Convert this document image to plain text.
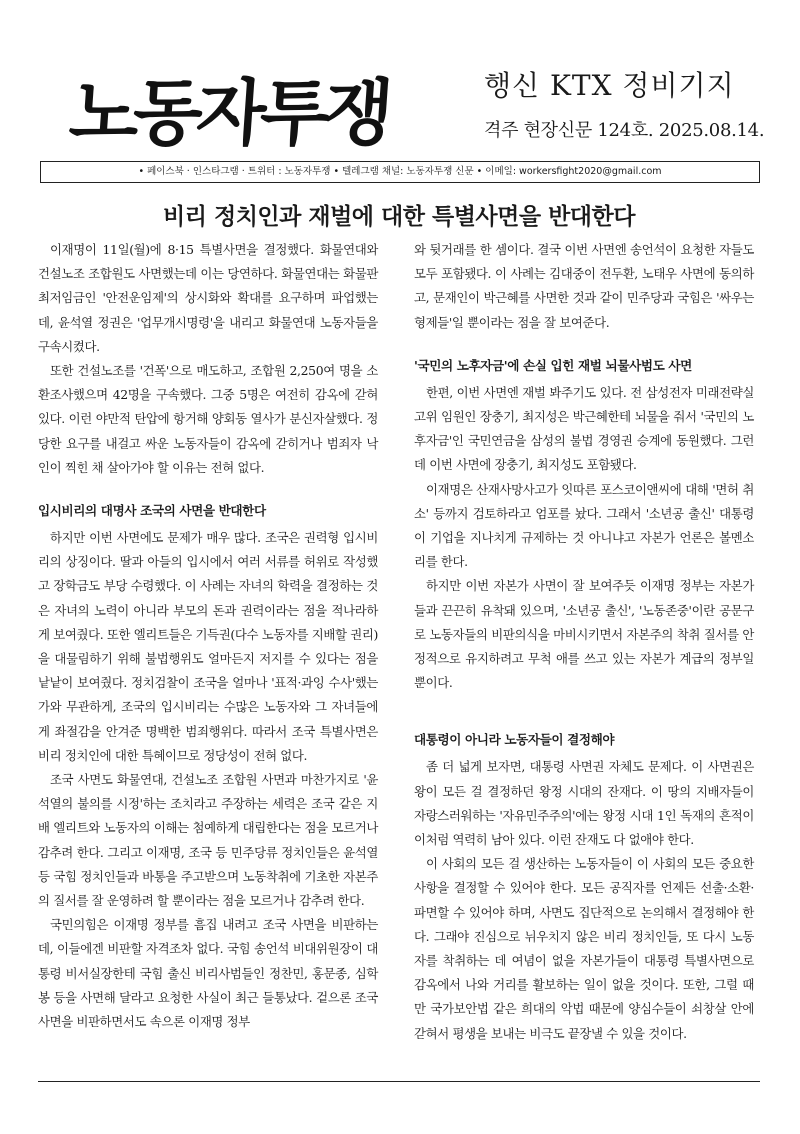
노동자투쟁	행신 KTX 정비기지
격주 현장신문 124호. 2025.08.14.
• 페이스북 · 인스타그램 · 트위터 : 노동자투쟁 • 텔레그램 채널: 노동자투쟁 신문 • 이메일: workersfight2020@gmail.com
비리 정치인과 재벌에 대한 특별사면을 반대한다

이재명이 11일(월)에 8·15 특별사면을 결정했다. 화물연대와 건설노조 조합원도 사면했는데 이는 당연하다. 화물연대는 화물판 최저임금인 '안전운임제'의 상시화와 확대를 요구하며 파업했는데, 윤석열 정권은 '업무개시명령'을 내리고 화물연대 노동자들을 구속시켰다.

또한 건설노조를 '건폭'으로 매도하고, 조합원 2,250여 명을 소환조사했으며 42명을 구속했다. 그중 5명은 여전히 감옥에 갇혀 있다. 이런 야만적 탄압에 항거해 양회동 열사가 분신자살했다. 정당한 요구를 내걸고 싸운 노동자들이 감옥에 갇히거나 범죄자 낙인이 찍힌 채 살아가야 할 이유는 전혀 없다.

입시비리의 대명사 조국의 사면을 반대한다

하지만 이번 사면에도 문제가 매우 많다. 조국은 권력형 입시비리의 상징이다. 딸과 아들의 입시에서 여러 서류를 허위로 작성했고 장학금도 부당 수령했다. 이 사례는 자녀의 학력을 결정하는 것은 자녀의 노력이 아니라 부모의 돈과 권력이라는 점을 적나라하게 보여줬다. 또한 엘리트들은 기득권(다수 노동자를 지배할 권리)을 대물림하기 위해 불법행위도 얼마든지 저지를 수 있다는 점을 낱낱이 보여줬다. 정치검찰이 조국을 얼마나 '표적·과잉 수사'했는가와 무관하게, 조국의 입시비리는 수많은 노동자와 그 자녀들에게 좌절감을 안겨준 명백한 범죄행위다. 따라서 조국 특별사면은 비리 정치인에 대한 특혜이므로 정당성이 전혀 없다.

조국 사면도 화물연대, 건설노조 조합원 사면과 마찬가지로 '윤석열의 불의를 시정'하는 조치라고 주장하는 세력은 조국 같은 지배 엘리트와 노동자의 이해는 첨예하게 대립한다는 점을 모르거나 감추려 한다. 그리고 이재명, 조국 등 민주당류 정치인들은 윤석열 등 국힘 정치인들과 바통을 주고받으며 노동착취에 기초한 자본주의 질서를 잘 운영하려 할 뿐이라는 점을 모르거나 감추려 한다.

국민의힘은 이재명 정부를 흠집 내려고 조국 사면을 비판하는데, 이들에겐 비판할 자격조차 없다. 국힘 송언석 비대위원장이 대통령 비서실장한테 국힘 출신 비리사범들인 정찬민, 홍문종, 심학봉 등을 사면해 달라고 요청한 사실이 최근 들통났다. 겉으론 조국 사면을 비판하면서도 속으론 이재명 정부

와 뒷거래를 한 셈이다. 결국 이번 사면엔 송언석이 요청한 자들도 모두 포함됐다. 이 사례는 김대중이 전두환, 노태우 사면에 동의하고, 문재인이 박근혜를 사면한 것과 같이 민주당과 국힘은 '싸우는 형제들'일 뿐이라는 점을 잘 보여준다.

'국민의 노후자금'에 손실 입힌 재벌 뇌물사범도 사면

한편, 이번 사면엔 재벌 봐주기도 있다. 전 삼성전자 미래전략실 고위 임원인 장충기, 최지성은 박근혜한테 뇌물을 줘서 '국민의 노후자금'인 국민연금을 삼성의 불법 경영권 승계에 동원했다. 그런데 이번 사면에 장충기, 최지성도 포함됐다.

이재명은 산재사망사고가 잇따른 포스코이앤씨에 대해 '면허 취소' 등까지 검토하라고 엄포를 놨다. 그래서 '소년공 출신' 대통령이 기업을 지나치게 규제하는 것 아니냐고 자본가 언론은 볼멘소리를 한다.

하지만 이번 자본가 사면이 잘 보여주듯 이재명 정부는 자본가들과 끈끈히 유착돼 있으며, '소년공 출신', '노동존중'이란 공문구로 노동자들의 비판의식을 마비시키면서 자본주의 착취 질서를 안정적으로 유지하려고 무척 애를 쓰고 있는 자본가 계급의 정부일 뿐이다.

대통령이 아니라 노동자들이 결정해야

좀 더 넓게 보자면, 대통령 사면권 자체도 문제다. 이 사면권은 왕이 모든 걸 결정하던 왕정 시대의 잔재다. 이 땅의 지배자들이 자랑스러워하는 '자유민주주의'에는 왕정 시대 1인 독재의 흔적이 이처럼 역력히 남아 있다. 이런 잔재도 다 없애야 한다.

이 사회의 모든 걸 생산하는 노동자들이 이 사회의 모든 중요한 사항을 결정할 수 있어야 한다. 모든 공직자를 언제든 선출·소환·파면할 수 있어야 하며, 사면도 집단적으로 논의해서 결정해야 한다. 그래야 진심으로 뉘우치지 않은 비리 정치인들, 또 다시 노동자를 착취하는 데 여념이 없을 자본가들이 대통령 특별사면으로 감옥에서 나와 거리를 활보하는 일이 없을 것이다. 또한, 그럴 때만 국가보안법 같은 희대의 악법 때문에 양심수들이 쇠창살 안에 갇혀서 평생을 보내는 비극도 끝장낼 수 있을 것이다.
